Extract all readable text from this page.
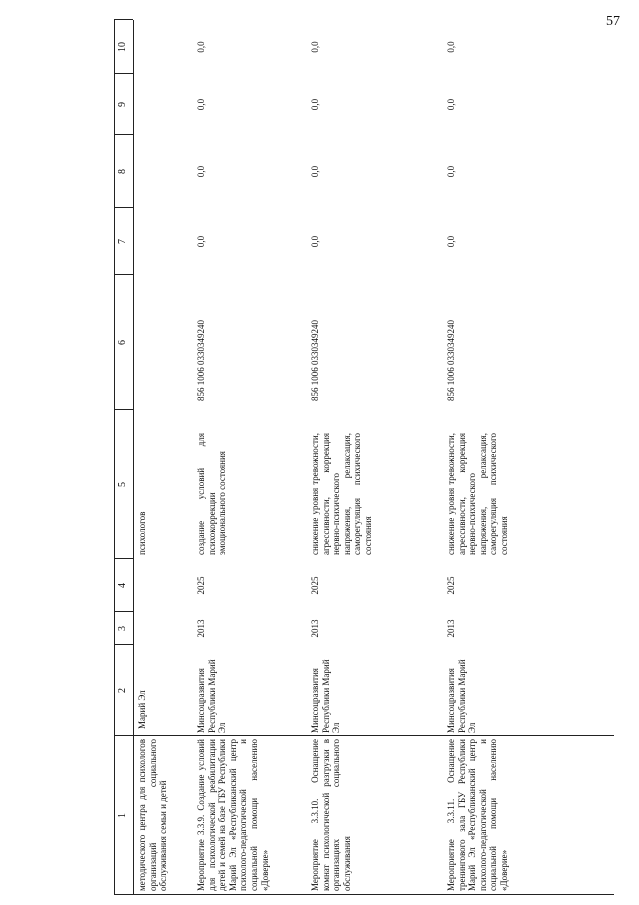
57
1
2
3
4
5
6
7
8
9
10
методического центра для психологов организаций социального обслуживания семьи и детей
Марий Эл
психологов
Мероприятие 3.3.9. Создание условий для психологической реабилитации детей и семей на базе ГБУ Республики Марий Эл «Республиканский центр психолого-педагогической и социальной помощи населению «Доверие»
Минсоцразвития Республики Марий Эл
2013
2025
создание условий для психокоррекции эмоционального состояния
856 1006 0330349240
0,0
0,0
0,0
0,0
Мероприятие 3.3.10. Оснащение комнат психологической разгрузки в организациях социального обслуживания
Минсоцразвития Республики Марий Эл
2013
2025
снижение уровня тревожности, агрессивности, коррекция нервно-психического напряжения, релаксация, саморегуляция психического состояния
856 1006 0330349240
0,0
0,0
0,0
0,0
Мероприятие 3.3.11. Оснащение тренингового зала ГБУ Республики Марий Эл «Республиканский центр психолого-педагогической и социальной помощи населению «Доверие»
Минсоцразвития Республики Марий Эл
2013
2025
снижение уровня тревожности, агрессивности, коррекция нервно-психического напряжения, релаксация, саморегуляция психического состояния
856 1006 0330349240
0,0
0,0
0,0
0,0
